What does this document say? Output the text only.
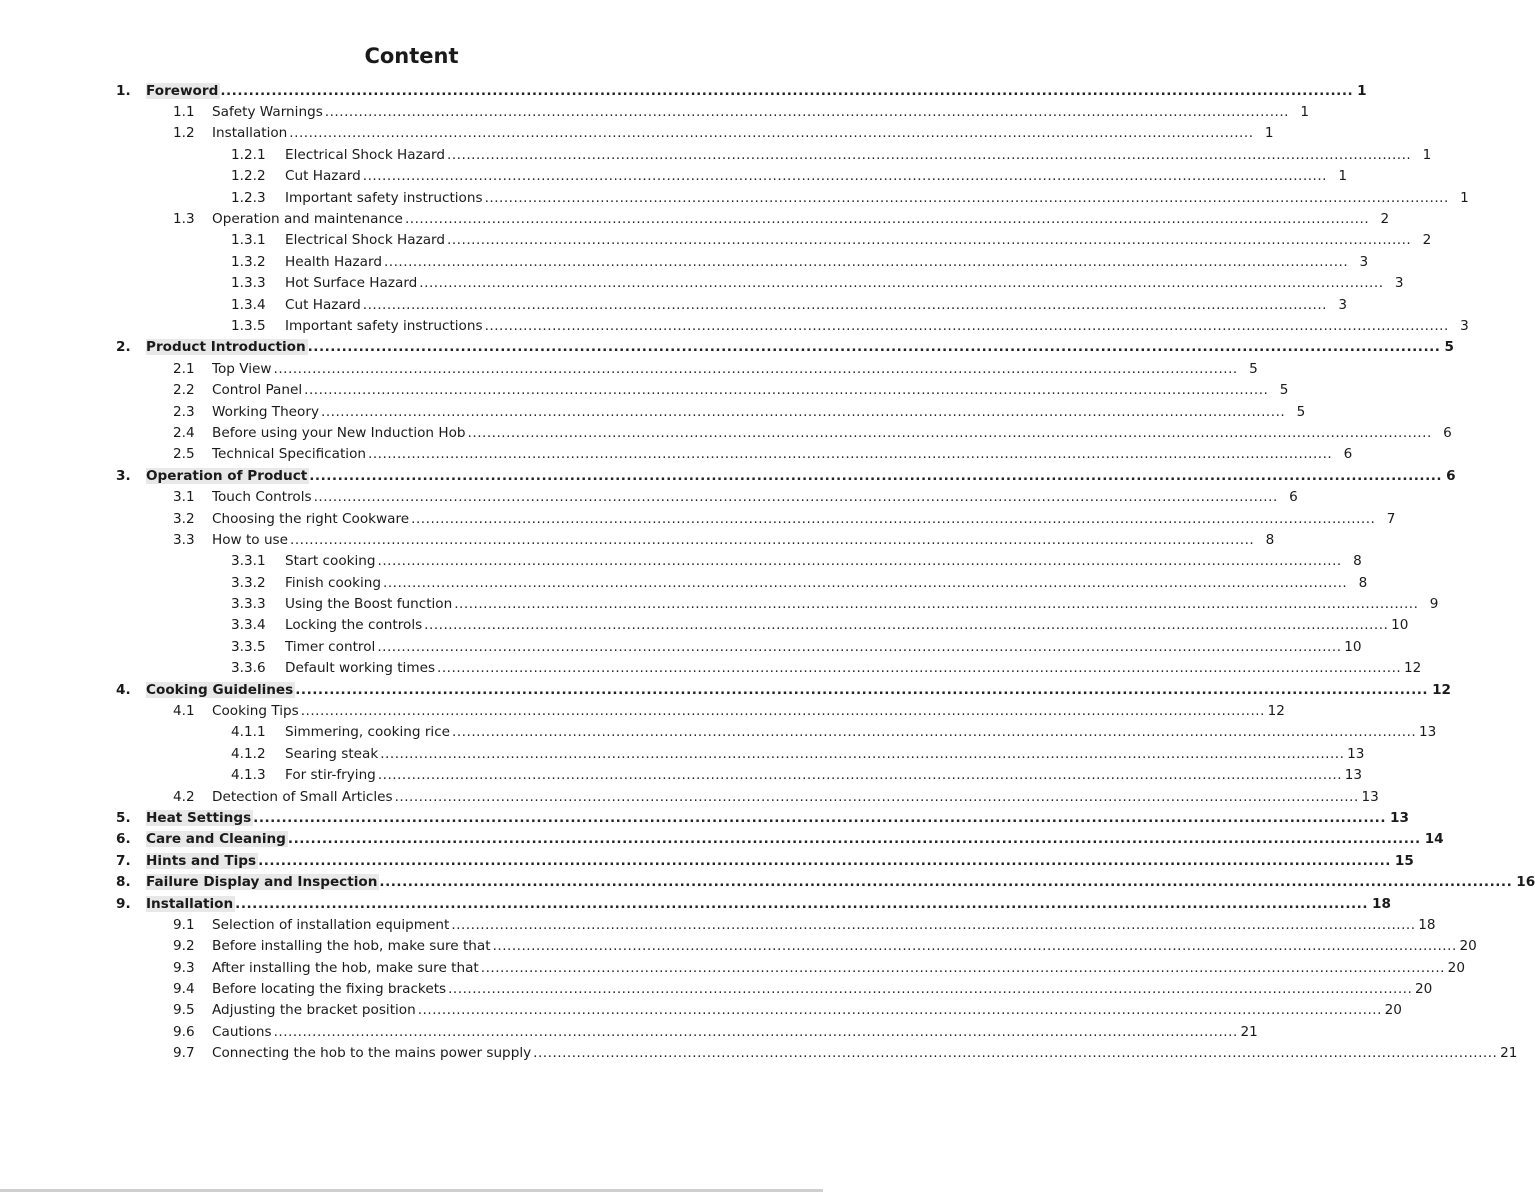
Content
1.	Foreword ........................................................................................................................................................................................................ 1
1.1	Safety Warnings ........................................................................................................................................................................................................ 1
1.2	Installation ........................................................................................................................................................................................................ 1
1.2.1	Electrical Shock Hazard ........................................................................................................................................................................................................ 1
1.2.2	Cut Hazard ........................................................................................................................................................................................................ 1
1.2.3	Important safety instructions ........................................................................................................................................................................................................ 1
1.3	Operation and maintenance ........................................................................................................................................................................................................ 2
1.3.1	Electrical Shock Hazard ........................................................................................................................................................................................................ 2
1.3.2	Health Hazard ........................................................................................................................................................................................................ 3
1.3.3	Hot Surface Hazard ........................................................................................................................................................................................................ 3
1.3.4	Cut Hazard ........................................................................................................................................................................................................ 3
1.3.5	Important safety instructions ........................................................................................................................................................................................................ 3
2.	Product Introduction ........................................................................................................................................................................................................ 5
2.1	Top View ........................................................................................................................................................................................................ 5
2.2	Control Panel ........................................................................................................................................................................................................ 5
2.3	Working Theory ........................................................................................................................................................................................................ 5
2.4	Before using your New Induction Hob ........................................................................................................................................................................................................ 6
2.5	Technical Specification ........................................................................................................................................................................................................ 6
3.	Operation of Product ........................................................................................................................................................................................................ 6
3.1	Touch Controls ........................................................................................................................................................................................................ 6
3.2	Choosing the right Cookware ........................................................................................................................................................................................................ 7
3.3	How to use ........................................................................................................................................................................................................ 8
3.3.1	Start cooking ........................................................................................................................................................................................................ 8
3.3.2	Finish cooking ........................................................................................................................................................................................................ 8
3.3.3	Using the Boost function ........................................................................................................................................................................................................ 9
3.3.4	Locking the controls ........................................................................................................................................................................................................ 10
3.3.5	Timer control ........................................................................................................................................................................................................ 10
3.3.6	Default working times ........................................................................................................................................................................................................ 12
4.	Cooking Guidelines ........................................................................................................................................................................................................ 12
4.1	Cooking Tips ........................................................................................................................................................................................................ 12
4.1.1	Simmering, cooking rice ........................................................................................................................................................................................................ 13
4.1.2	Searing steak ........................................................................................................................................................................................................ 13
4.1.3	For stir-frying ........................................................................................................................................................................................................ 13
4.2	Detection of Small Articles ........................................................................................................................................................................................................ 13
5.	Heat Settings ........................................................................................................................................................................................................ 13
6.	Care and Cleaning ........................................................................................................................................................................................................ 14
7.	Hints and Tips ........................................................................................................................................................................................................ 15
8.	Failure Display and Inspection ........................................................................................................................................................................................................ 16
9.	Installation ........................................................................................................................................................................................................ 18
9.1	Selection of installation equipment ........................................................................................................................................................................................................ 18
9.2	Before installing the hob, make sure that ........................................................................................................................................................................................................ 20
9.3	After installing the hob, make sure that ........................................................................................................................................................................................................ 20
9.4	Before locating the fixing brackets ........................................................................................................................................................................................................ 20
9.5	Adjusting the bracket position ........................................................................................................................................................................................................ 20
9.6	Cautions ........................................................................................................................................................................................................ 21
9.7	Connecting the hob to the mains power supply ........................................................................................................................................................................................................ 21
